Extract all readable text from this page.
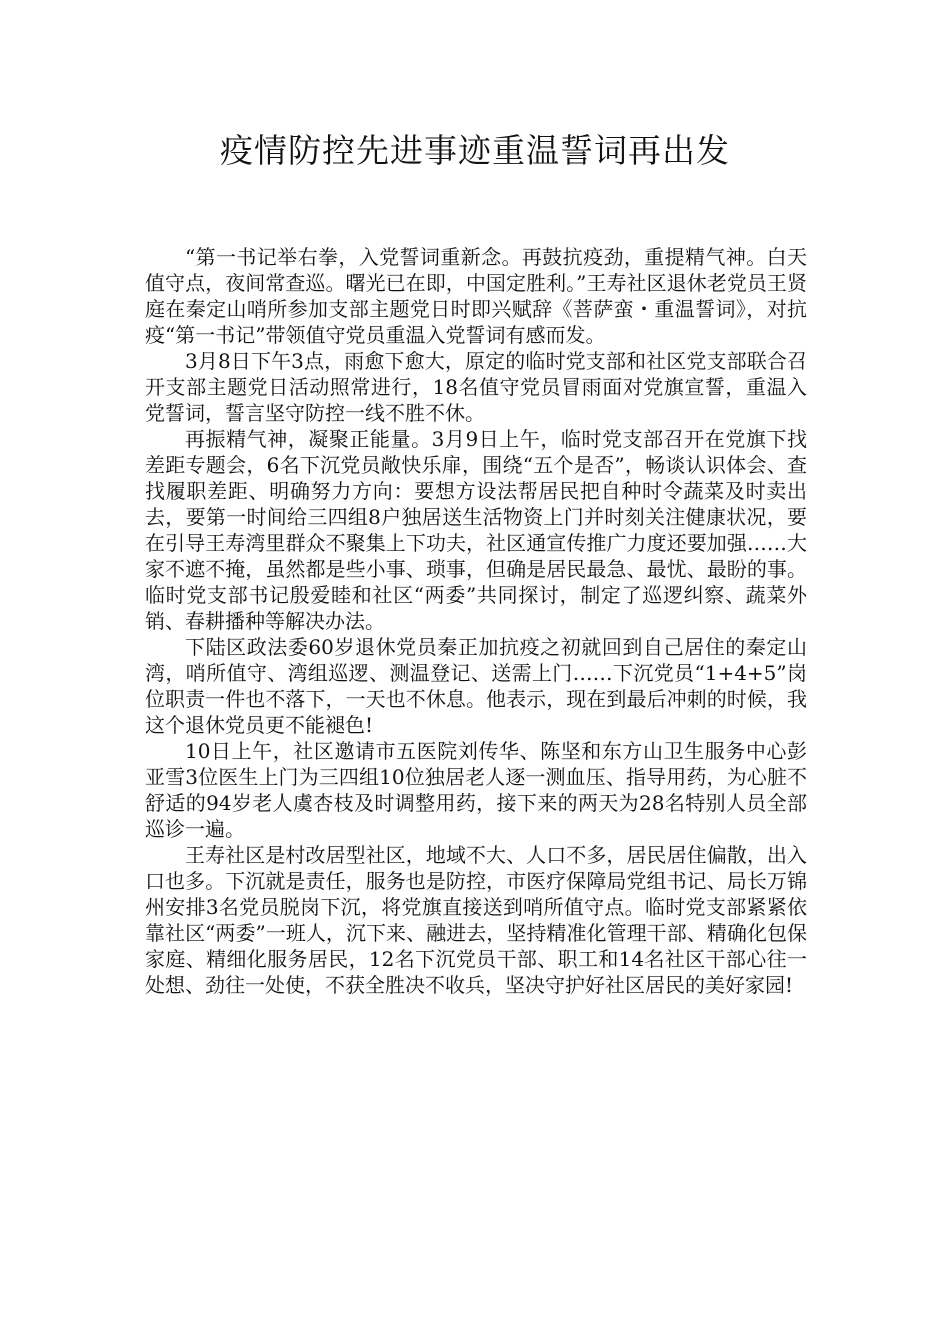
疫情防控先进事迹重温誓词再出发

“第一书记举右拳，入党誓词重新念。再鼓抗疫劲，重提精气神。白天值守点，夜间常查巡。曙光已在即，中国定胜利。”王寿社区退休老党员王贤庭在秦定山哨所参加支部主题党日时即兴赋辞《菩萨蛮・重温誓词》，对抗疫“第一书记”带领值守党员重温入党誓词有感而发。

3月8日下午3点，雨愈下愈大，原定的临时党支部和社区党支部联合召开支部主题党日活动照常进行，18名值守党员冒雨面对党旗宣誓，重温入党誓词，誓言坚守防控一线不胜不休。

再振精气神，凝聚正能量。3月9日上午，临时党支部召开在党旗下找差距专题会，6名下沉党员敞快乐扉，围绕“五个是否”，畅谈认识体会、查找履职差距、明确努力方向：要想方设法帮居民把自种时令蔬菜及时卖出去，要第一时间给三四组8户独居送生活物资上门并时刻关注健康状况，要在引导王寿湾里群众不聚集上下功夫，社区通宣传推广力度还要加强……大家不遮不掩，虽然都是些小事、琐事，但确是居民最急、最忧、最盼的事。临时党支部书记殷爱睦和社区“两委”共同探讨，制定了巡逻纠察、蔬菜外销、春耕播种等解决办法。

下陆区政法委60岁退休党员秦正加抗疫之初就回到自己居住的秦定山湾，哨所值守、湾组巡逻、测温登记、送需上门……下沉党员“1+4+5”岗位职责一件也不落下，一天也不休息。他表示，现在到最后冲刺的时候，我这个退休党员更不能褪色!

10日上午，社区邀请市五医院刘传华、陈坚和东方山卫生服务中心彭亚雪3位医生上门为三四组10位独居老人逐一测血压、指导用药，为心脏不舒适的94岁老人虞杏枝及时调整用药，接下来的两天为28名特别人员全部巡诊一遍。

王寿社区是村改居型社区，地域不大、人口不多，居民居住偏散，出入口也多。下沉就是责任，服务也是防控，市医疗保障局党组书记、局长万锦州安排3名党员脱岗下沉，将党旗直接送到哨所值守点。临时党支部紧紧依靠社区“两委”一班人，沉下来、融进去，坚持精准化管理干部、精确化包保家庭、精细化服务居民，12名下沉党员干部、职工和14名社区干部心往一处想、劲往一处使，不获全胜决不收兵，坚决守护好社区居民的美好家园!
